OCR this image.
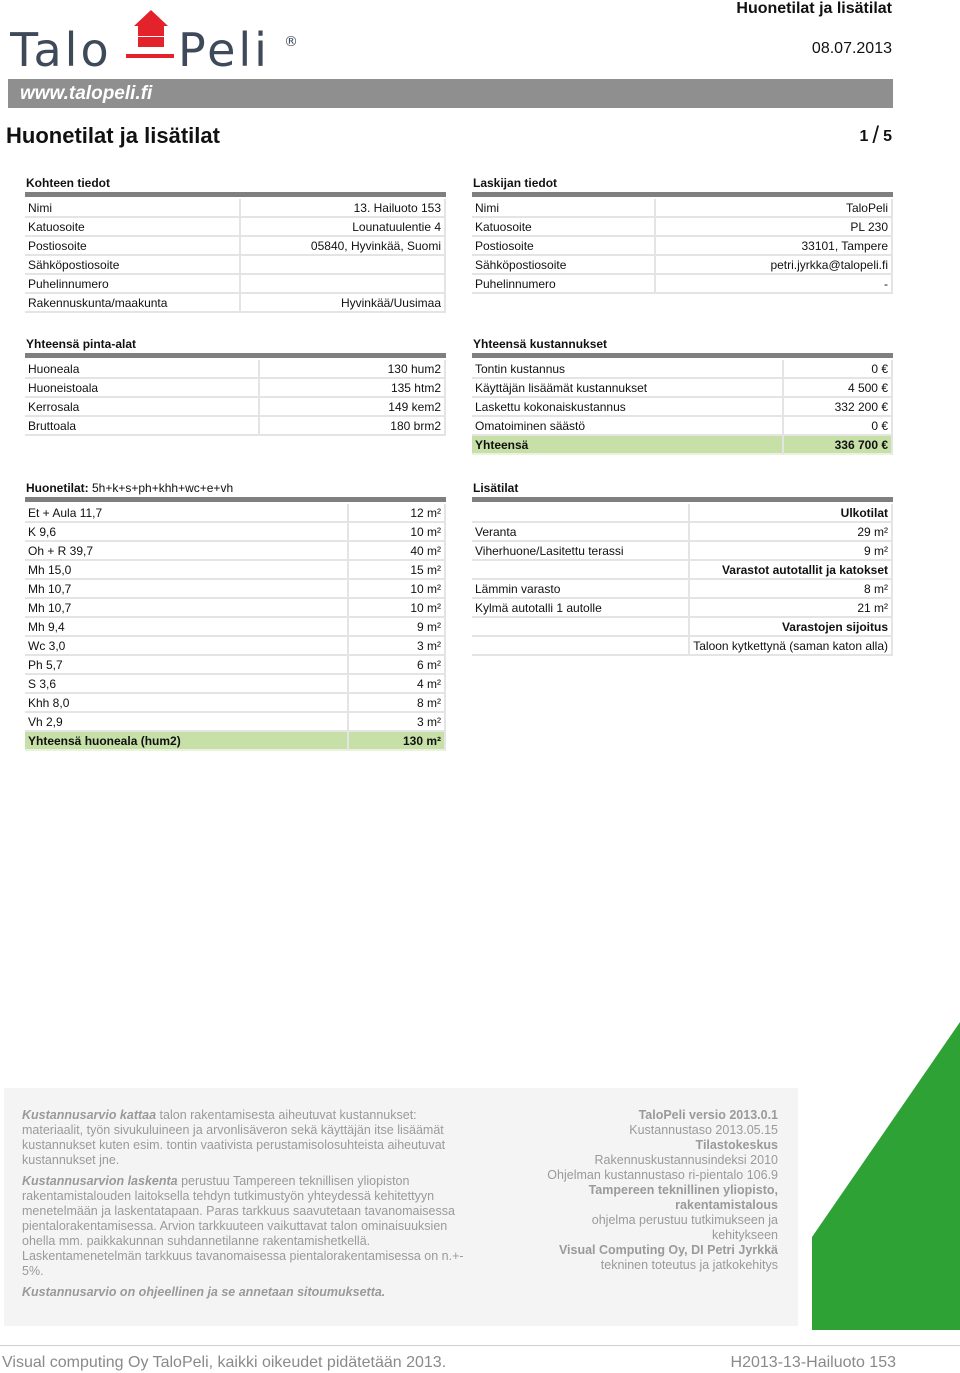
Talo Peli ®
Huonetilat ja lisätilat
08.07.2013
www.talopeli.fi
Huonetilat ja lisätilat	1 / 5
Kohteen tiedot
Nimi	13. Hailuoto 153
Katuosoite	Lounatuulentie 4
Postiosoite	05840, Hyvinkää, Suomi
Sähköpostiosoite	
Puhelinnumero	
Rakennuskunta/maakunta	Hyvinkää/Uusimaa
Laskijan tiedot
Nimi	TaloPeli
Katuosoite	PL 230
Postiosoite	33101, Tampere
Sähköpostiosoite	petri.jyrkka@talopeli.fi
Puhelinnumero	-
Yhteensä pinta-alat
Huoneala	130 hum2
Huoneistoala	135 htm2
Kerrosala	149 kem2
Bruttoala	180 brm2
Yhteensä kustannukset
Tontin kustannus	0 €
Käyttäjän lisäämät kustannukset	4 500 €
Laskettu kokonaiskustannus	332 200 €
Omatoiminen säästö	0 €
Yhteensä	336 700 €
Huonetilat: 5h+k+s+ph+khh+wc+e+vh
Et + Aula 11,7	12 m²
K 9,6	10 m²
Oh + R 39,7	40 m²
Mh 15,0	15 m²
Mh 10,7	10 m²
Mh 10,7	10 m²
Mh 9,4	9 m²
Wc 3,0	3 m²
Ph 5,7	6 m²
S 3,6	4 m²
Khh 8,0	8 m²
Vh 2,9	3 m²
Yhteensä huoneala (hum2)	130 m²
Lisätilat
	Ulkotilat
Veranta	29 m²
Viherhuone/Lasitettu terassi	9 m²
	Varastot autotallit ja katokset
Lämmin varasto	8 m²
Kylmä autotalli 1 autolle	21 m²
	Varastojen sijoitus
	Taloon kytkettynä (saman katon alla)

Kustannusarvio kattaa talon rakentamisesta aiheutuvat kustannukset: materiaalit, työn sivukuluineen ja arvonlisäveron sekä käyttäjän itse lisäämät kustannukset kuten esim. tontin vaativista perustamisolosuhteista aiheutuvat kustannukset jne.

Kustannusarvion laskenta perustuu Tampereen teknillisen yliopiston rakentamistalouden laitoksella tehdyn tutkimustyön yhteydessä kehitettyyn menetelmään ja laskentatapaan. Paras tarkkuus saavutetaan tavanomaisessa pientalorakentamisessa. Arvion tarkkuuteen vaikuttavat talon ominaisuuksien ohella mm. paikkakunnan suhdannetilanne rakentamishetkellä. Laskentamenetelmän tarkkuus tavanomaisessa pientalorakentamisessa on n.+- 5%.

Kustannusarvio on ohjeellinen ja se annetaan sitoumuksetta.

TaloPeli versio 2013.0.1
Kustannustaso 2013.05.15
Tilastokeskus
Rakennuskustannusindeksi 2010
Ohjelman kustannustaso ri-pientalo 106.9
Tampereen teknillinen yliopisto, rakentamistalous
ohjelma perustuu tutkimukseen ja kehitykseen
Visual Computing Oy, DI Petri Jyrkkä
tekninen toteutus ja jatkokehitys
Visual computing Oy TaloPeli, kaikki oikeudet pidätetään 2013.	H2013-13-Hailuoto 153
